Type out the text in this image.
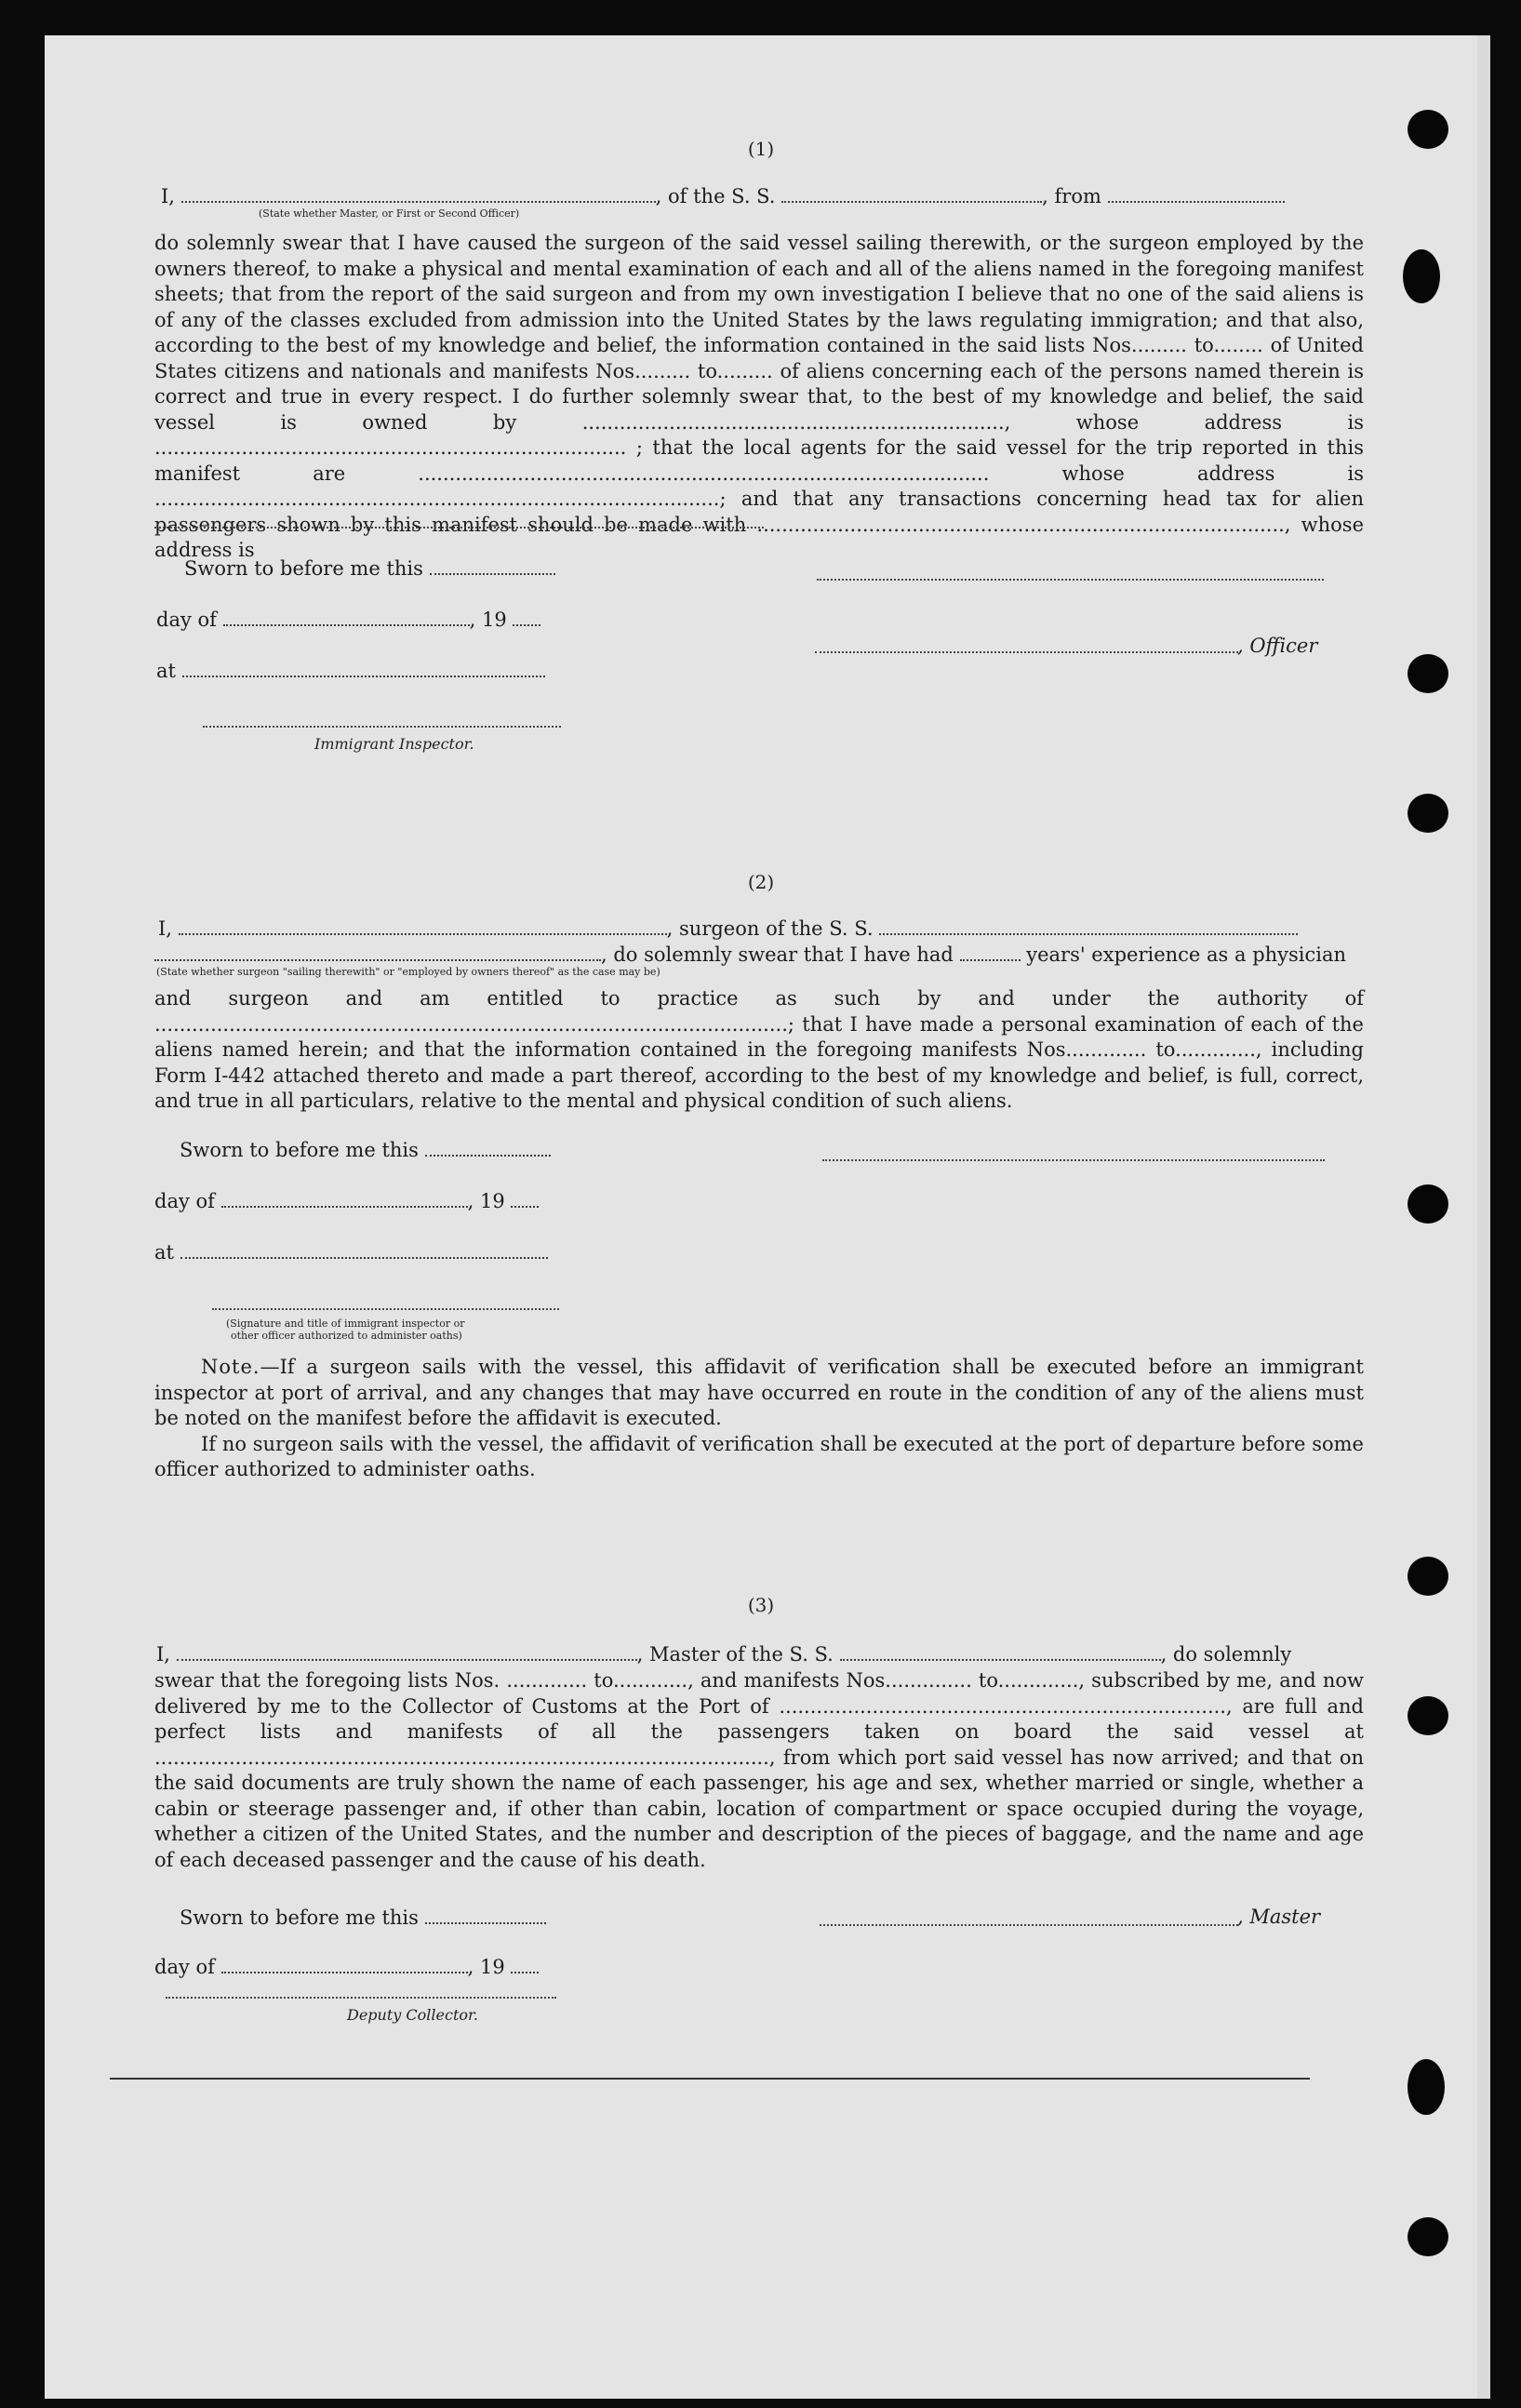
(1)
I,	, of the S. S.	, from
(State whether Master, or First or Second Officer)

do solemnly swear that I have caused the surgeon of the said vessel sailing therewith, or the surgeon employed by the owners thereof, to make a physical and mental examination of each and all of the aliens named in the foregoing manifest sheets; that from the report of the said surgeon and from my own investigation I believe that no one of the said aliens is of any of the classes excluded from admission into the United States by the laws regulating immigration; and that also, according to the best of my knowledge and belief, the information contained in the said lists Nos......... to........ of United States citizens and nationals and manifests Nos......... to......... of aliens concerning each of the persons named therein is correct and true in every respect. I do further solemnly swear that, to the best of my knowledge and belief, the said vessel is owned by ...................................................................., whose address is ............................................................................ ; that the local agents for the said vessel for the trip reported in this manifest are ............................................................................................ whose address is ...........................................................................................; and that any transactions concerning head tax for alien passengers shown by this manifest should be made with ....................................................................................., whose address is

Sworn to before me this
day of	, 19
, Officer
at
Immigrant Inspector.
(2)
I,	, surgeon of the S. S.
, do solemnly swear that I have had	years' experience as a physician
(State whether surgeon "sailing therewith" or "employed by owners thereof" as the case may be)

and surgeon and am entitled to practice as such by and under the authority of ......................................................................................................; that I have made a personal examination of each of the aliens named herein; and that the information contained in the foregoing manifests Nos............. to............., including Form I-442 attached thereto and made a part thereof, according to the best of my knowledge and belief, is full, correct, and true in all particulars, relative to the mental and physical condition of such aliens.

Sworn to before me this
day of	, 19
at
(Signature and title of immigrant inspector or
other officer authorized to administer oaths)

Note.—If a surgeon sails with the vessel, this affidavit of verification shall be executed before an immigrant inspector at port of arrival, and any changes that may have occurred en route in the condition of any of the aliens must be noted on the manifest before the affidavit is executed.

If no surgeon sails with the vessel, the affidavit of verification shall be executed at the port of departure before some officer authorized to administer oaths.

(3)
I,	, Master of the S. S.	, do solemnly

swear that the foregoing lists Nos. ............. to............, and manifests Nos.............. to............., subscribed by me, and now delivered by me to the Collector of Customs at the Port of ........................................................................, are full and perfect lists and manifests of all the passengers taken on board the said vessel at ..................................................................................................., from which port said vessel has now arrived; and that on the said documents are truly shown the name of each passenger, his age and sex, whether married or single, whether a cabin or steerage passenger and, if other than cabin, location of compartment or space occupied during the voyage, whether a citizen of the United States, and the number and description of the pieces of baggage, and the name and age of each deceased passenger and the cause of his death.

Sworn to before me this	, Master
day of	, 19
Deputy Collector.
